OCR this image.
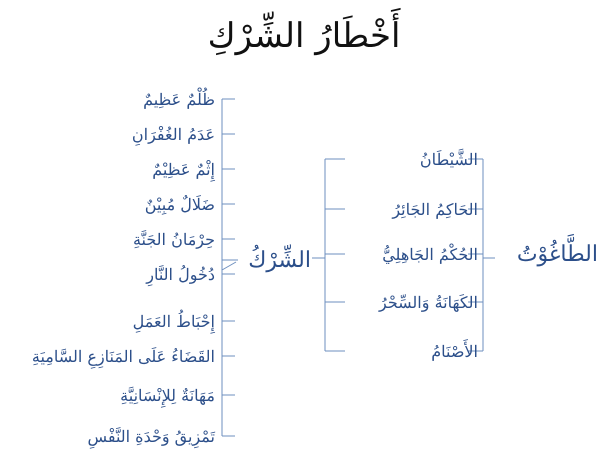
أَخْطَارُ الشِّرْكِ
ظُلْمٌ عَظِيمٌ
عَدَمُ الغُفْرَانِ
إِثْمٌ عَظِيْمٌ
ضَلَالٌ مُبِيْنٌ
حِرْمَانُ الجَنَّةِ
دُخُولُ النَّارِ
إِحْبَاطُ العَمَلِ
القَضَاءُ عَلَى المَنَازِعِ السَّامِيَةِ
مَهَانَةٌ لِلإِنْسَانِيَّةِ
تَمْزِيقُ وَحْدَةِ النَّفْسِ
الشِّرْكُ
الشَّيْطَانُ
الحَاكِمُ الجَائِرُ
الحُكْمُ الجَاهِلِيُّ
الكَهَانَةُ وَالسِّحْرُ
الأَصْنَامُ
الطَّاغُوْتُ
